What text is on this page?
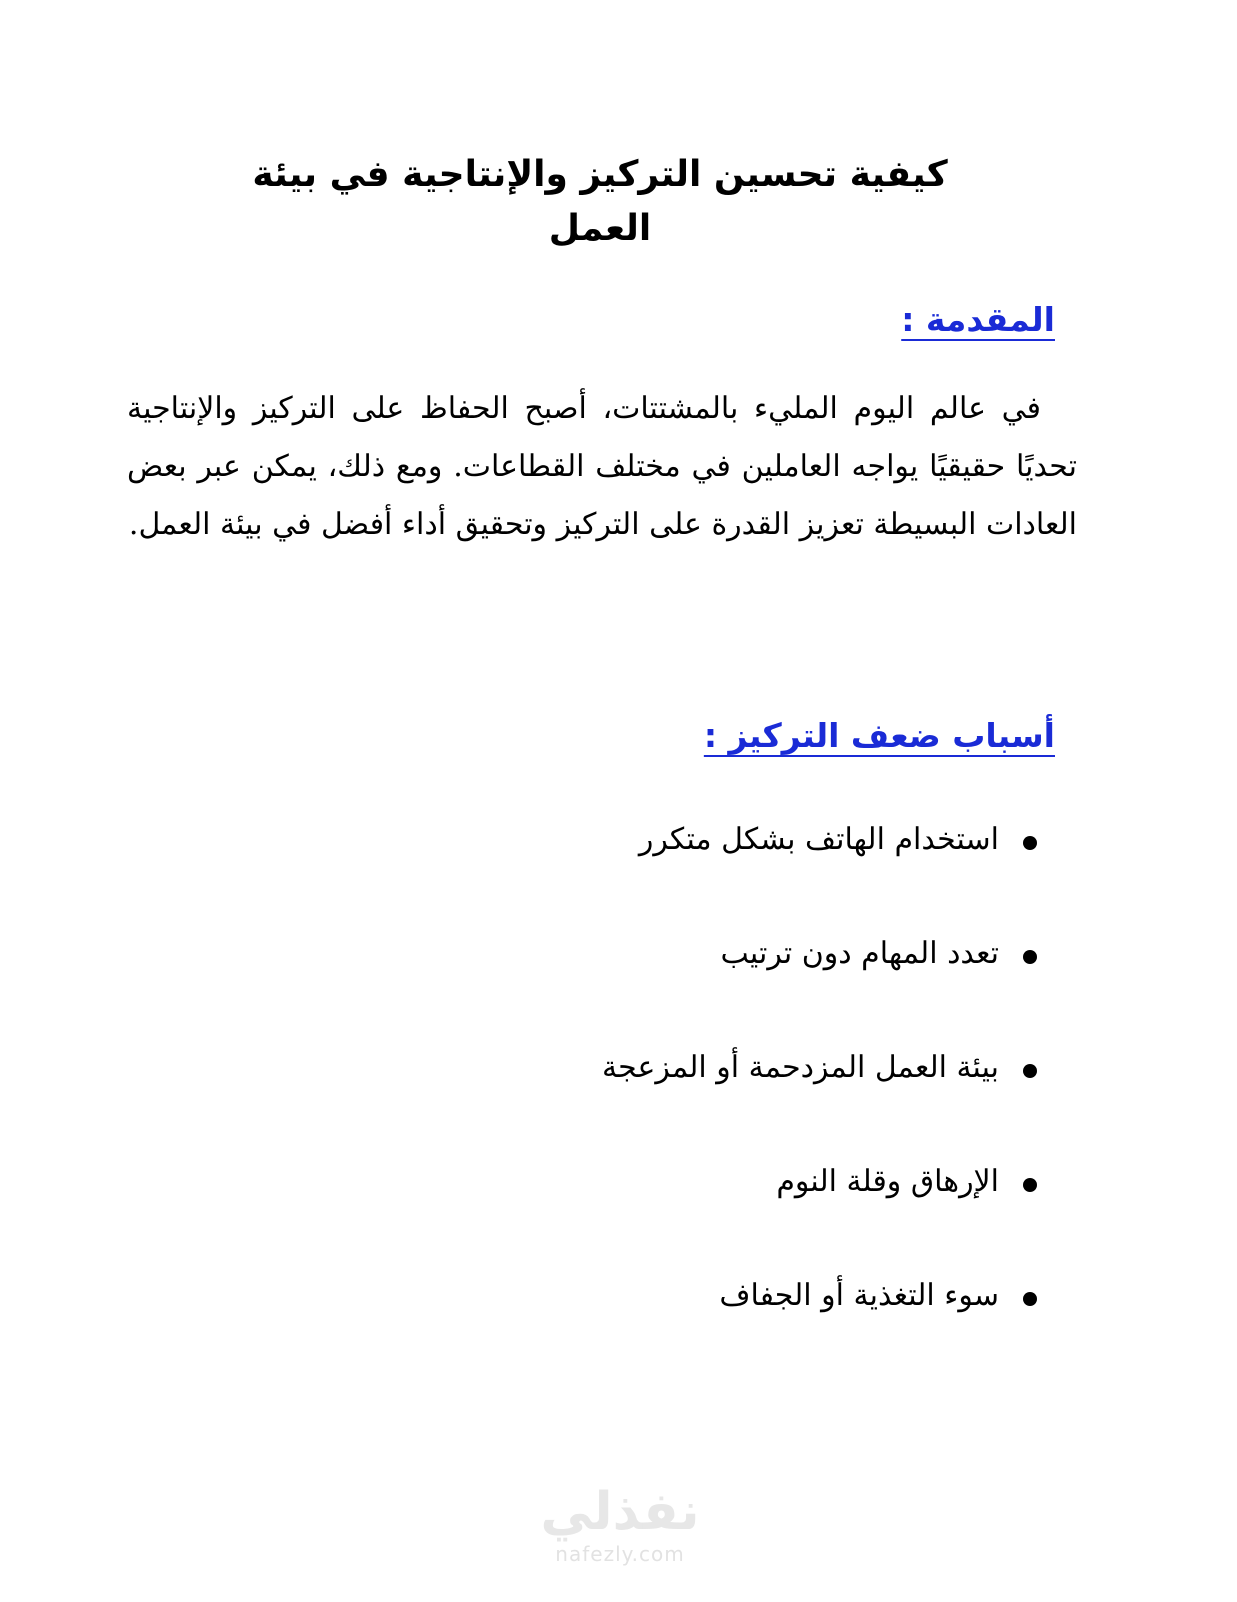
كيفية تحسين التركيز والإنتاجية في بيئة العمل
المقدمة :

في عالم اليوم المليء بالمشتتات، أصبح الحفاظ على التركيز والإنتاجية تحديًا حقيقيًا يواجه العاملين في مختلف القطاعات. ومع ذلك، يمكن عبر بعض العادات البسيطة تعزيز القدرة على التركيز وتحقيق أداء أفضل في بيئة العمل.

أسباب ضعف التركيز :
استخدام الهاتف بشكل متكرر
تعدد المهام دون ترتيب
بيئة العمل المزدحمة أو المزعجة
الإرهاق وقلة النوم
سوء التغذية أو الجفاف
نفذلي
nafezly.com
